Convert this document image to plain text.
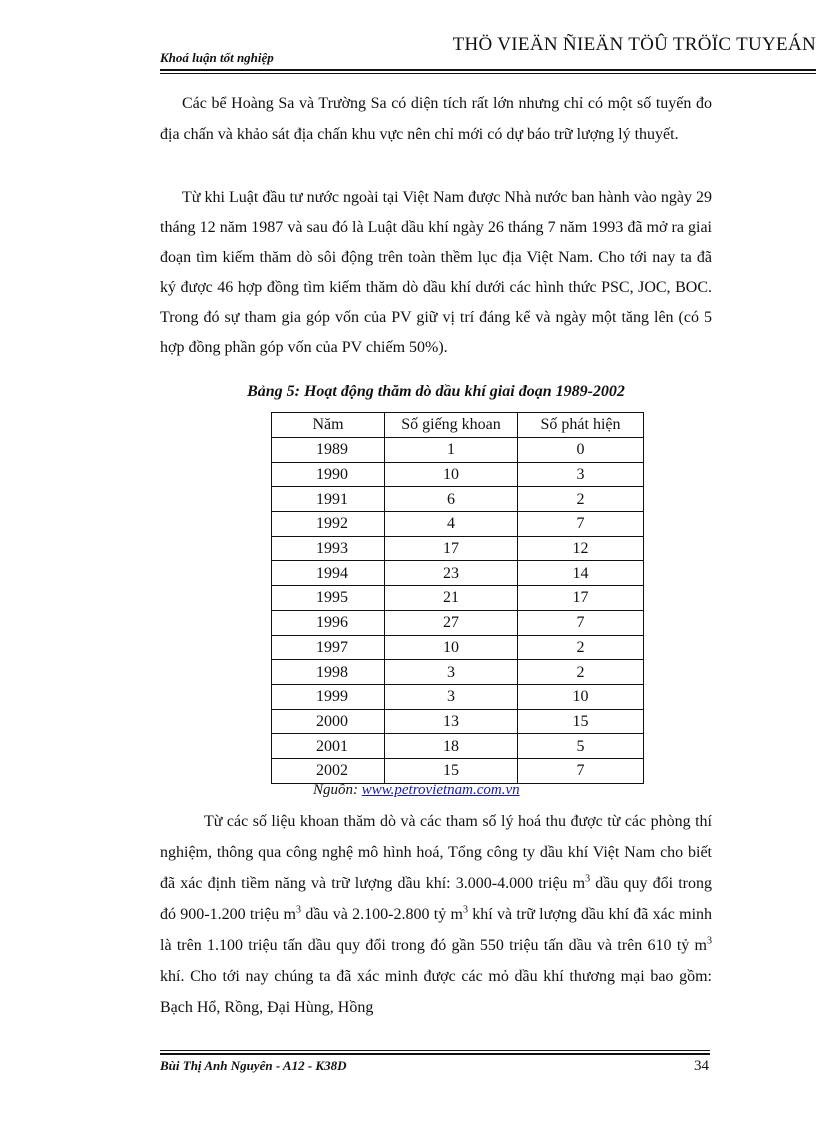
Khoá luận tốt nghiệp
THÖ VIEÄN ÑIEÄN TÖÛ TRÖÏC TUYEÁN

Các bể Hoàng Sa và Trường Sa có diện tích rất lớn nhưng chỉ có một số tuyến đo địa chấn và khảo sát địa chấn khu vực nên chỉ mới có dự báo trữ lượng lý thuyết.

Từ khi Luật đầu tư nước ngoài tại Việt Nam được Nhà nước ban hành vào ngày 29 tháng 12 năm 1987 và sau đó là Luật dầu khí ngày 26 tháng 7 năm 1993 đã mở ra giai đoạn tìm kiếm thăm dò sôi động trên toàn thềm lục địa Việt Nam. Cho tới nay ta đã ký được 46 hợp đồng tìm kiếm thăm dò dầu khí dưới các hình thức PSC, JOC, BOC. Trong đó sự tham gia góp vốn của PV giữ vị trí đáng kể và ngày một tăng lên (có 5 hợp đồng phần góp vốn của PV chiếm 50%).

Bảng 5: Hoạt động thăm dò dầu khí giai đoạn 1989-2002
Năm	Số giếng khoan	Số phát hiện
1989	1	0
1990	10	3
1991	6	2
1992	4	7
1993	17	12
1994	23	14
1995	21	17
1996	27	7
1997	10	2
1998	3	2
1999	3	10
2000	13	15
2001	18	5
2002	15	7
Nguồn: www.petrovietnam.com.vn

Từ các số liệu khoan thăm dò và các tham số lý hoá thu được từ các phòng thí nghiệm, thông qua công nghệ mô hình hoá, Tổng công ty dầu khí Việt Nam cho biết đã xác định tiềm năng và trữ lượng dầu khí: 3.000-4.000 triệu $m^3$ dầu quy đổi trong đó 900-1.200 triệu $m^3$ dầu và 2.100-2.800 tỷ $m^3$ khí và trữ lượng dầu khí đã xác minh là trên 1.100 triệu tấn dầu quy đổi trong đó gần 550 triệu tấn dầu và trên 610 tỷ $m^3$ khí. Cho tới nay chúng ta đã xác minh được các mỏ dầu khí thương mại bao gồm: Bạch Hổ, Rồng, Đại Hùng, Hồng

Bùi Thị Anh Nguyên - A12 - K38D	34
